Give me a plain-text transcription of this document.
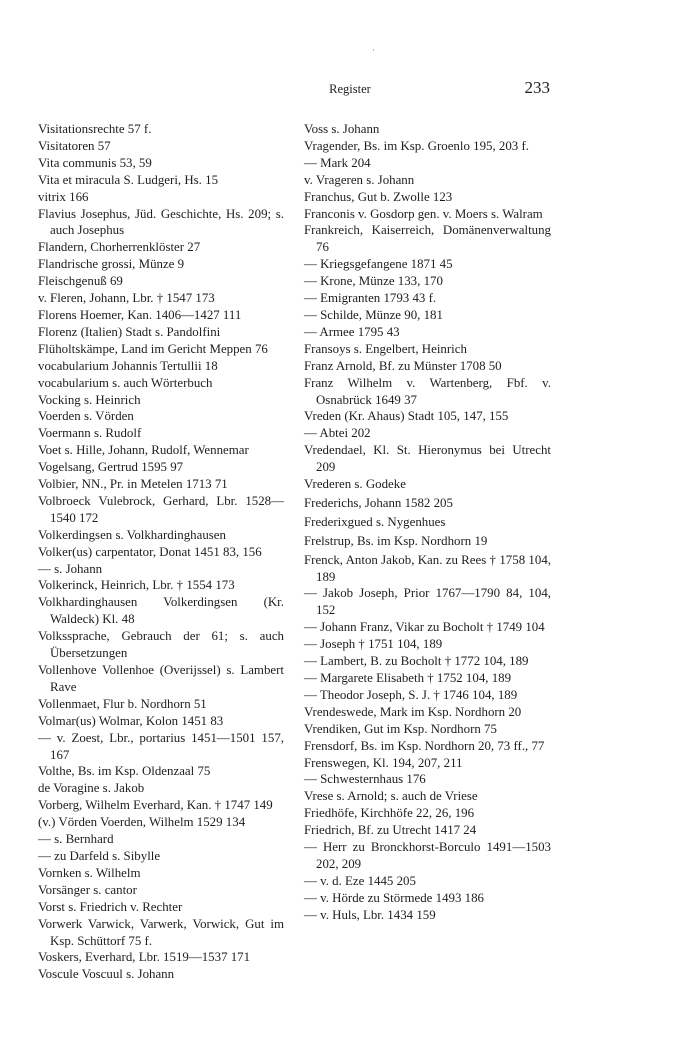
Register	233

Visitationsrechte 57 f.

Visitatoren 57

Vita communis 53, 59

Vita et miracula S. Ludgeri, Hs. 15

vitrix 166

Flavius Josephus, Jüd. Geschichte, Hs. 209; s. auch Josephus

Flandern, Chorherrenklöster 27

Flandrische grossi, Münze 9

Fleischgenuß 69

v. Fleren, Johann, Lbr. † 1547 173

Florens Hoemer, Kan. 1406—1427 111

Florenz (Italien) Stadt s. Pandolfini

Flüholtskämpe, Land im Gericht Meppen 76

vocabularium Johannis Tertullii 18

vocabularium s. auch Wörterbuch

Vocking s. Heinrich

Voerden s. Vörden

Voermann s. Rudolf

Voet s. Hille, Johann, Rudolf, Wennemar

Vogelsang, Gertrud 1595 97

Volbier, NN., Pr. in Metelen 1713 71

Volbroeck Vulebrock, Gerhard, Lbr. 1528—1540 172

Volkerdingsen s. Volkhardinghausen

Volker(us) carpentator, Donat 1451 83, 156

— s. Johann

Volkerinck, Heinrich, Lbr. † 1554 173

Volkhardinghausen Volkerdingsen (Kr. Waldeck) Kl. 48

Volkssprache, Gebrauch der 61; s. auch Übersetzungen

Vollenhove Vollenhoe (Overijssel) s. Lambert Rave

Vollenmaet, Flur b. Nordhorn 51

Volmar(us) Wolmar, Kolon 1451 83

— v. Zoest, Lbr., portarius 1451—1501 157, 167

Volthe, Bs. im Ksp. Oldenzaal 75

de Voragine s. Jakob

Vorberg, Wilhelm Everhard, Kan. † 1747 149

(v.) Vörden Voerden, Wilhelm 1529 134

— s. Bernhard

— zu Darfeld s. Sibylle

Vornken s. Wilhelm

Vorsänger s. cantor

Vorst s. Friedrich v. Rechter

Vorwerk Varwick, Varwerk, Vorwick, Gut im Ksp. Schüttorf 75 f.

Voskers, Everhard, Lbr. 1519—1537 171

Voscule Voscuul s. Johann

Voss s. Johann

Vragender, Bs. im Ksp. Groenlo 195, 203 f.

— Mark 204

v. Vrageren s. Johann

Franchus, Gut b. Zwolle 123

Franconis v. Gosdorp gen. v. Moers s. Walram

Frankreich, Kaiserreich, Domänenverwaltung 76

— Kriegsgefangene 1871 45

— Krone, Münze 133, 170

— Emigranten 1793 43 f.

— Schilde, Münze 90, 181

— Armee 1795 43

Fransoys s. Engelbert, Heinrich

Franz Arnold, Bf. zu Münster 1708 50

Franz Wilhelm v. Wartenberg, Fbf. v. Osnabrück 1649 37

Vreden (Kr. Ahaus) Stadt 105, 147, 155

— Abtei 202

Vredendael, Kl. St. Hieronymus bei Utrecht 209

Vrederen s. Godeke

Frederichs, Johann 1582 205

Frederixgued s. Nygenhues

Frelstrup, Bs. im Ksp. Nordhorn 19

Frenck, Anton Jakob, Kan. zu Rees † 1758 104, 189

— Jakob Joseph, Prior 1767—1790 84, 104, 152

— Johann Franz, Vikar zu Bocholt † 1749 104

— Joseph † 1751 104, 189

— Lambert, B. zu Bocholt † 1772 104, 189

— Margarete Elisabeth † 1752 104, 189

— Theodor Joseph, S. J. † 1746 104, 189

Vrendeswede, Mark im Ksp. Nordhorn 20

Vrendiken, Gut im Ksp. Nordhorn 75

Frensdorf, Bs. im Ksp. Nordhorn 20, 73 ff., 77

Frenswegen, Kl. 194, 207, 211

— Schwesternhaus 176

Vrese s. Arnold; s. auch de Vriese

Friedhöfe, Kirchhöfe 22, 26, 196

Friedrich, Bf. zu Utrecht 1417 24

— Herr zu Bronckhorst-Borculo 1491—1503 202, 209

— v. d. Eze 1445 205

— v. Hörde zu Störmede 1493 186

— v. Huls, Lbr. 1434 159
